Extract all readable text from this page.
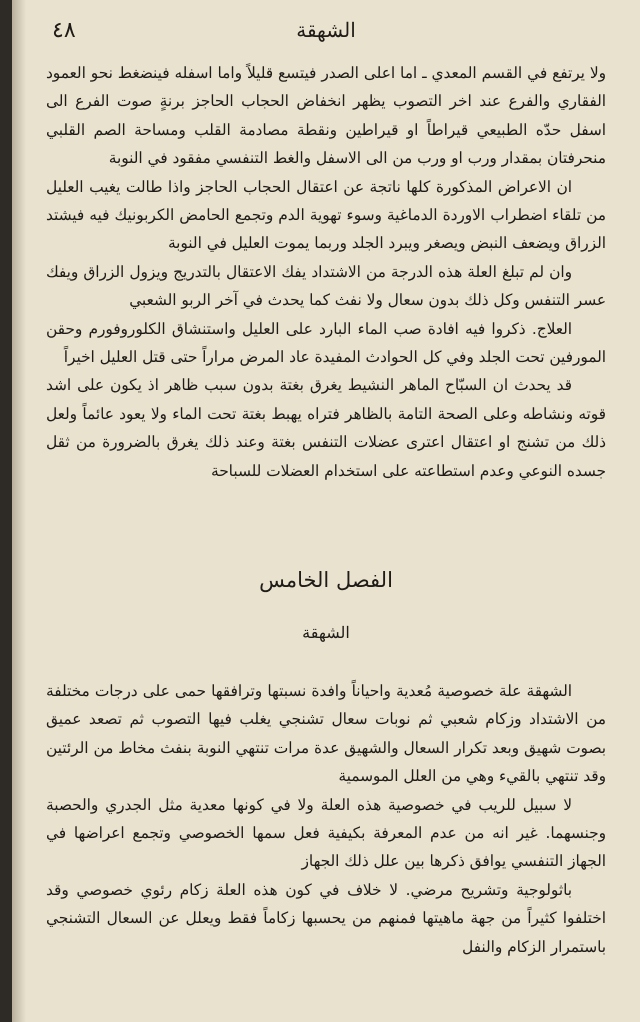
٤٨	الشهقة

ولا يرتفع في القسم المعدي ـ اما اعلى الصدر فيتسع قليلاً واما اسفله فينضغط نحو العمود الفقاري والفرع عند اخر التصوب يظهر انخفاض الحجاب الحاجز برنةٍ صوت الفرع الى اسفل حدّه الطبيعي قيراطاً او قيراطين ونقطة مصادمة القلب ومساحة الصم القلبي منحرفتان بمقدار ورب او ورب من الى الاسفل والغط التنفسي مفقود في النوبة

ان الاعراض المذكورة كلها ناتجة عن اعتقال الحجاب الحاجز واذا طالت يغيب العليل من تلقاء اضطراب الاوردة الدماغية وسوء تهوية الدم وتجمع الحامض الكربونيك فيه فيشتد الزراق ويضعف النبض ويصغر ويبرد الجلد وربما يموت العليل في النوبة

وان لم تبلغ العلة هذه الدرجة من الاشتداد يفك الاعتقال بالتدريج ويزول الزراق ويفك عسر التنفس وكل ذلك بدون سعال ولا نفث كما يحدث في آخر الربو الشعبي

العلاج. ذكروا فيه افادة صب الماء البارد على العليل واستنشاق الكلوروفورم وحقن المورفين تحت الجلد وفي كل الحوادث المفيدة عاد المرض مراراً حتى قتل العليل اخيراً

قد يحدث ان السبّاح الماهر النشيط يغرق بغتة بدون سبب ظاهر اذ يكون على اشد قوته ونشاطه وعلى الصحة التامة بالظاهر فتراه يهبط بغتة تحت الماء ولا يعود عائماً ولعل ذلك من تشنج او اعتقال اعترى عضلات التنفس بغتة وعند ذلك يغرق بالضرورة من ثقل جسده النوعي وعدم استطاعته على استخدام العضلات للسباحة

الفصل الخامس
الشهقة

الشهقة علة خصوصية مُعدية واحياناً وافدة نسبتها وترافقها حمى على درجات مختلفة من الاشتداد وزكام شعبي ثم نوبات سعال تشنجي يغلب فيها التصوب ثم تصعد عميق بصوت شهيق وبعد تكرار السعال والشهيق عدة مرات تنتهي النوبة بنفث مخاط من الرئتين وقد تنتهي بالقيء وهي من العلل الموسمية

لا سبيل للريب في خصوصية هذه العلة ولا في كونها معدية مثل الجدري والحصبة وجنسهما. غير انه من عدم المعرفة بكيفية فعل سمها الخصوصي وتجمع اعراضها في الجهاز التنفسي يوافق ذكرها بين علل ذلك الجهاز

باثولوجية وتشريح مرضي. لا خلاف في كون هذه العلة زكام رئوي خصوصي وقد اختلفوا كثيراً من جهة ماهيتها فمنهم من يحسبها زكاماً فقط ويعلل عن السعال التشنجي باستمرار الزكام والنفل
